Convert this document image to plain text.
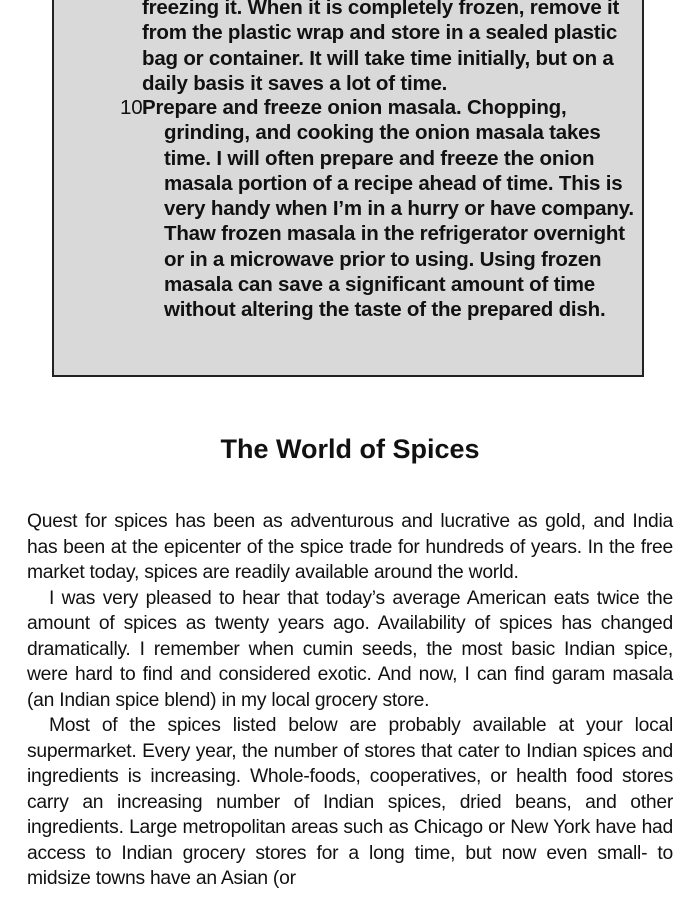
freezing it. When it is completely frozen, remove it from the plastic wrap and store in a sealed plastic bag or container. It will take time initially, but on a daily basis it saves a lot of time.

10.

Prepare and freeze onion masala. Chopping, grinding, and cooking the onion masala takes time. I will often prepare and freeze the onion masala portion of a recipe ahead of time. This is very handy when I’m in a hurry or have company. Thaw frozen masala in the refrigerator overnight or in a microwave prior to using. Using frozen masala can save a significant amount of time without altering the taste of the prepared dish.

The World of Spices

Quest for spices has been as adventurous and lucrative as gold, and India has been at the epicenter of the spice trade for hundreds of years. In the free market today, spices are readily available around the world.

I was very pleased to hear that today’s average American eats twice the amount of spices as twenty years ago. Availability of spices has changed dramatically. I remember when cumin seeds, the most basic Indian spice, were hard to find and considered exotic. And now, I can find garam masala (an Indian spice blend) in my local grocery store.

Most of the spices listed below are probably available at your local supermarket. Every year, the number of stores that cater to Indian spices and ingredients is increasing. Whole-foods, cooperatives, or health food stores carry an increasing number of Indian spices, dried beans, and other ingredients. Large metropolitan areas such as Chicago or New York have had access to Indian grocery stores for a long time, but now even small- to midsize towns have an Asian (or
